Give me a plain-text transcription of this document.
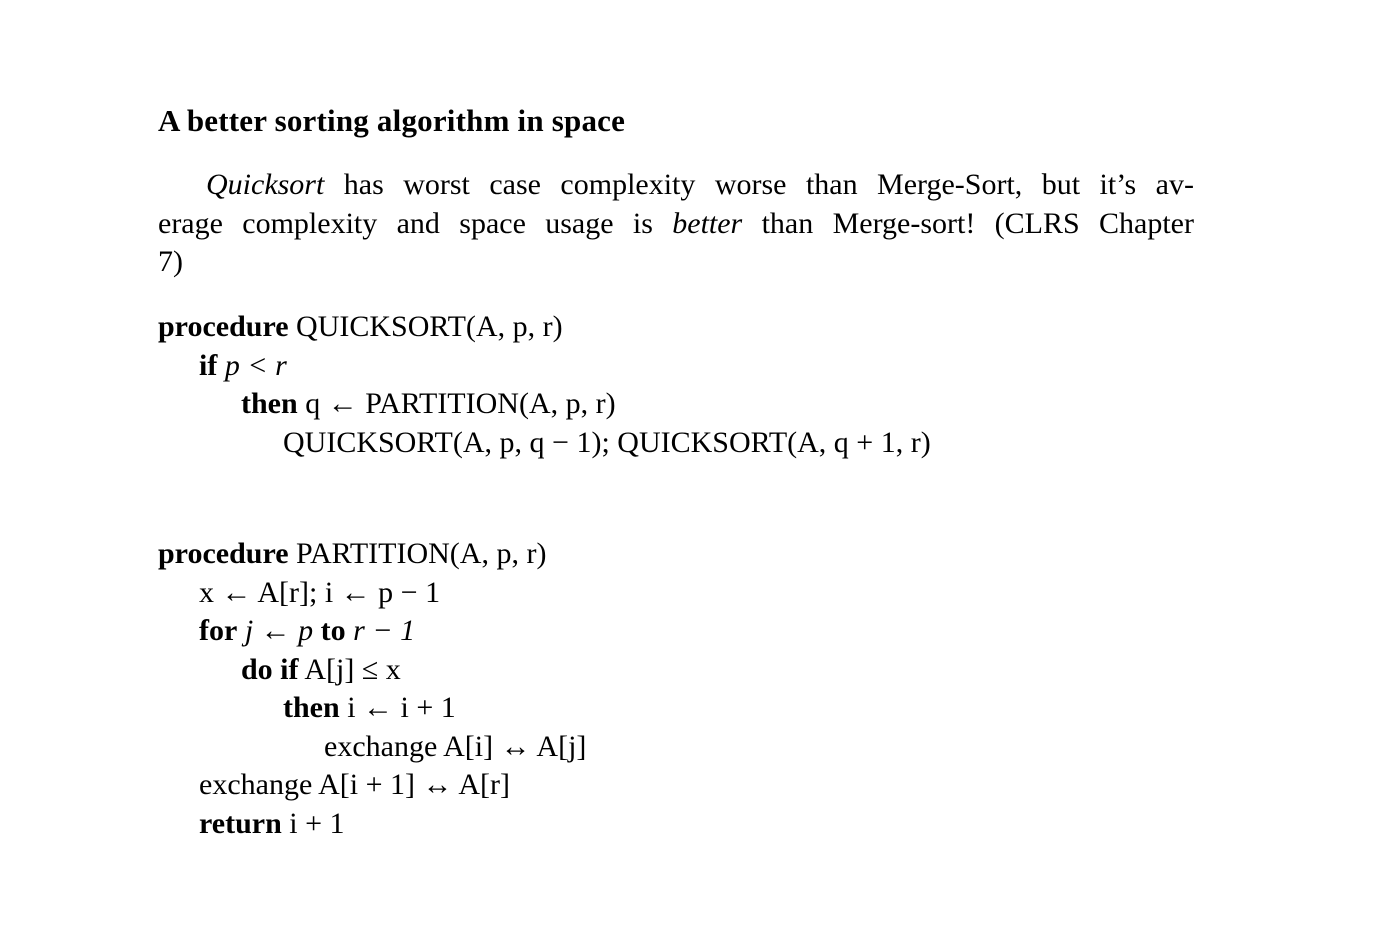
A better sorting algorithm in space
Quicksort has worst case complexity worse than Merge-Sort, but it’s av-
erage complexity and space usage is better than Merge-sort! (CLRS Chapter
7)
procedure QUICKSORT(A, p, r)
if p < r
then q ← PARTITION(A, p, r)
QUICKSORT(A, p, q − 1); QUICKSORT(A, q + 1, r)
procedure PARTITION(A, p, r)
x ← A[r]; i ← p − 1
for j ← p to r − 1
do if A[j] ≤ x
then i ← i + 1
exchange A[i] ↔ A[j]
exchange A[i + 1] ↔ A[r]
return i + 1
